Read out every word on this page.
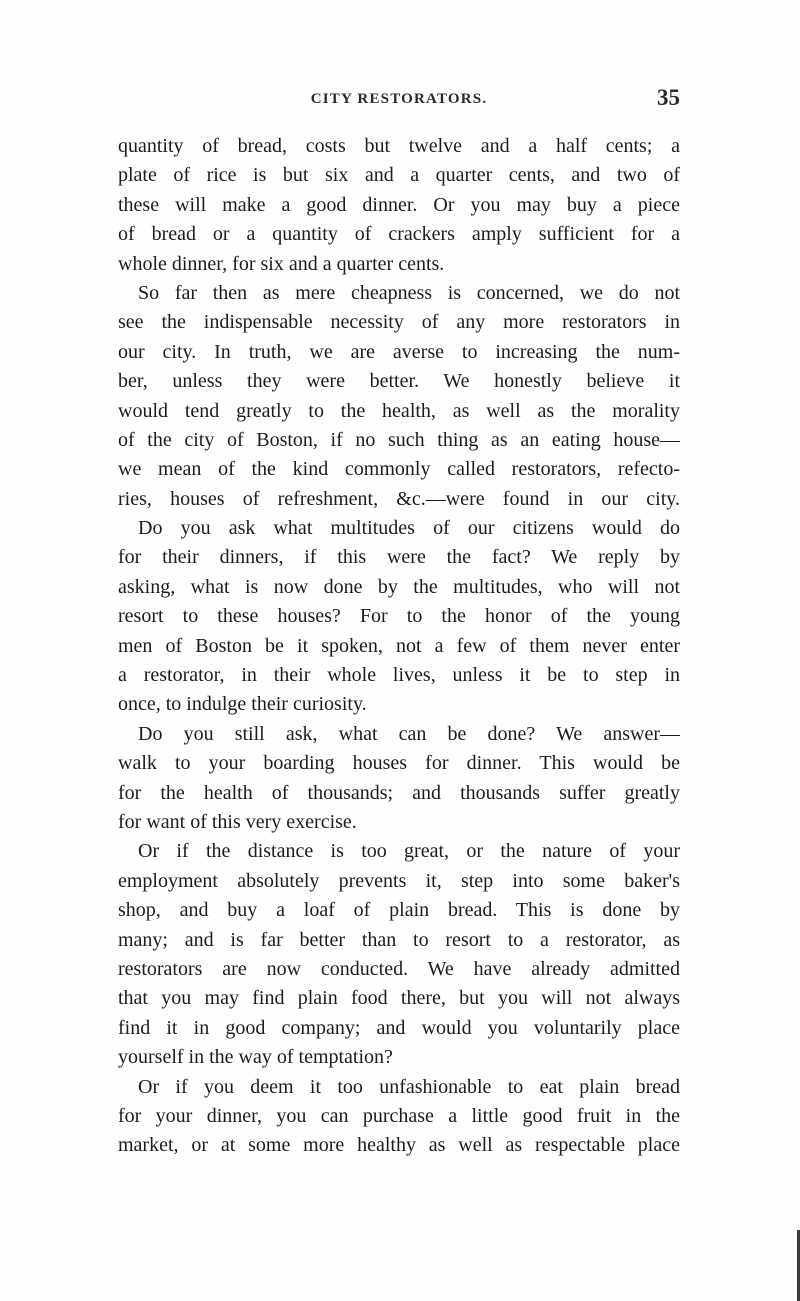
CITY RESTORATORS.	35
quantity of bread, costs but twelve and a half cents; a
plate of rice is but six and a quarter cents, and two of
these will make a good dinner. Or you may buy a piece
of bread or a quantity of crackers amply sufficient for a
whole dinner, for six and a quarter cents.
So far then as mere cheapness is concerned, we do not
see the indispensable necessity of any more restorators in
our city. In truth, we are averse to increasing the num-
ber, unless they were better. We honestly believe it
would tend greatly to the health, as well as the morality
of the city of Boston, if no such thing as an eating house—
we mean of the kind commonly called restorators, refecto-
ries, houses of refreshment, &c.—were found in our city.
Do you ask what multitudes of our citizens would do
for their dinners, if this were the fact? We reply by
asking, what is now done by the multitudes, who will not
resort to these houses? For to the honor of the young
men of Boston be it spoken, not a few of them never enter
a restorator, in their whole lives, unless it be to step in
once, to indulge their curiosity.
Do you still ask, what can be done? We answer—
walk to your boarding houses for dinner. This would be
for the health of thousands; and thousands suffer greatly
for want of this very exercise.
Or if the distance is too great, or the nature of your
employment absolutely prevents it, step into some baker's
shop, and buy a loaf of plain bread. This is done by
many; and is far better than to resort to a restorator, as
restorators are now conducted. We have already admitted
that you may find plain food there, but you will not always
find it in good company; and would you voluntarily place
yourself in the way of temptation?
Or if you deem it too unfashionable to eat plain bread
for your dinner, you can purchase a little good fruit in the
market, or at some more healthy as well as respectable place
